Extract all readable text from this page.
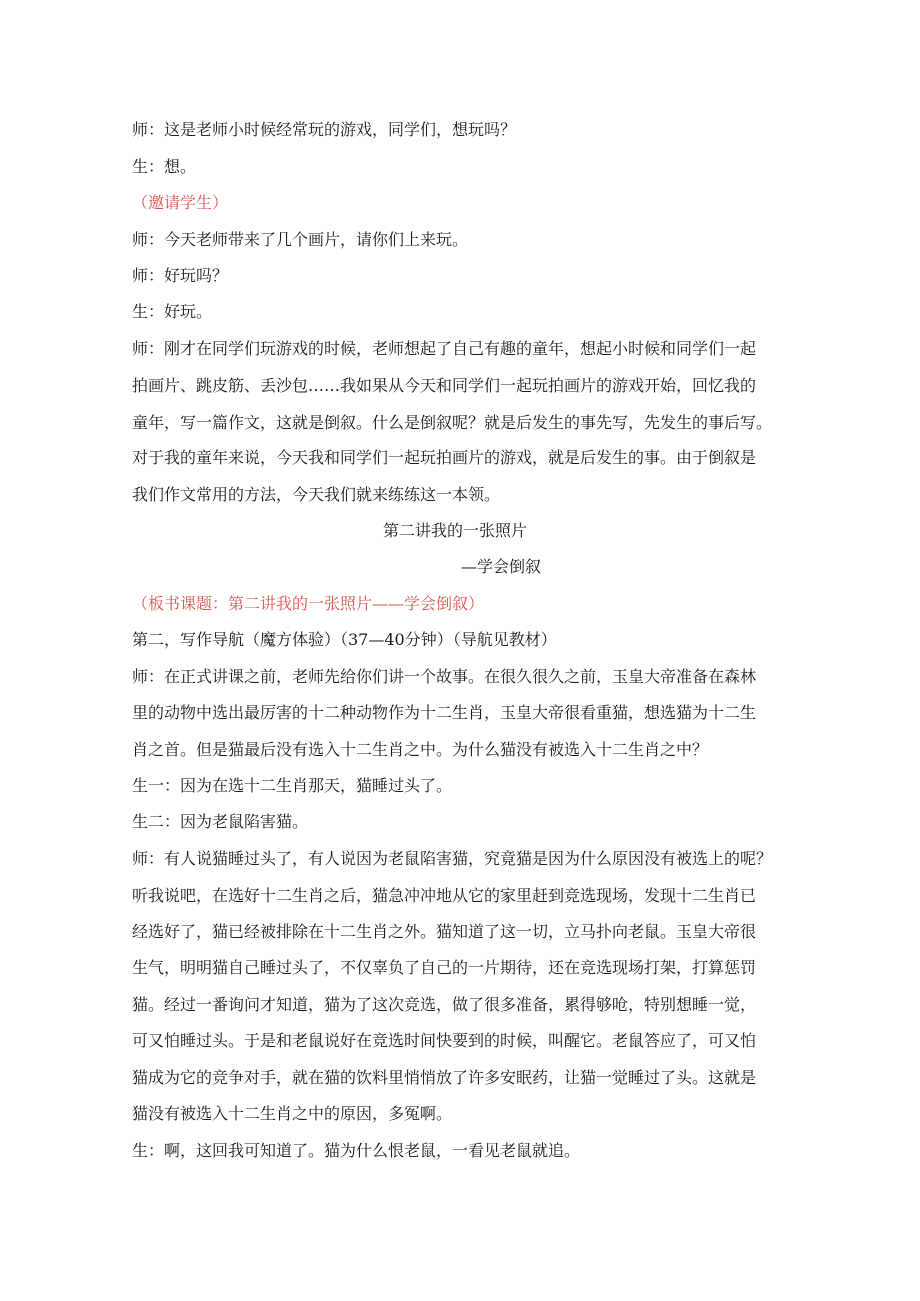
师：这是老师小时候经常玩的游戏，同学们，想玩吗？
生：想。
（邀请学生）
师：今天老师带来了几个画片，请你们上来玩。
师：好玩吗？
生：好玩。
师：刚才在同学们玩游戏的时候，老师想起了自己有趣的童年，想起小时候和同学们一起
拍画片、跳皮筋、丢沙包……我如果从今天和同学们一起玩拍画片的游戏开始，回忆我的
童年，写一篇作文，这就是倒叙。什么是倒叙呢？就是后发生的事先写，先发生的事后写。
对于我的童年来说，今天我和同学们一起玩拍画片的游戏，就是后发生的事。由于倒叙是
我们作文常用的方法，今天我们就来练练这一本领。
第二讲我的一张照片
—学会倒叙
（板书课题：第二讲我的一张照片——学会倒叙）
第二，写作导航（魔方体验）（37—40分钟）（导航见教材）
师：在正式讲课之前，老师先给你们讲一个故事。在很久很久之前，玉皇大帝准备在森林
里的动物中选出最厉害的十二种动物作为十二生肖，玉皇大帝很看重猫，想选猫为十二生
肖之首。但是猫最后没有选入十二生肖之中。为什么猫没有被选入十二生肖之中？
生一：因为在选十二生肖那天，猫睡过头了。
生二：因为老鼠陷害猫。
师：有人说猫睡过头了，有人说因为老鼠陷害猫，究竟猫是因为什么原因没有被选上的呢？
听我说吧，在选好十二生肖之后，猫急冲冲地从它的家里赶到竞选现场，发现十二生肖已
经选好了，猫已经被排除在十二生肖之外。猫知道了这一切，立马扑向老鼠。玉皇大帝很
生气，明明猫自己睡过头了，不仅辜负了自己的一片期待，还在竞选现场打架，打算惩罚
猫。经过一番询问才知道，猫为了这次竞选，做了很多准备，累得够呛，特别想睡一觉，
可又怕睡过头。于是和老鼠说好在竞选时间快要到的时候，叫醒它。老鼠答应了，可又怕
猫成为它的竞争对手，就在猫的饮料里悄悄放了许多安眠药，让猫一觉睡过了头。这就是
猫没有被选入十二生肖之中的原因，多冤啊。
生：啊，这回我可知道了。猫为什么恨老鼠，一看见老鼠就追。
